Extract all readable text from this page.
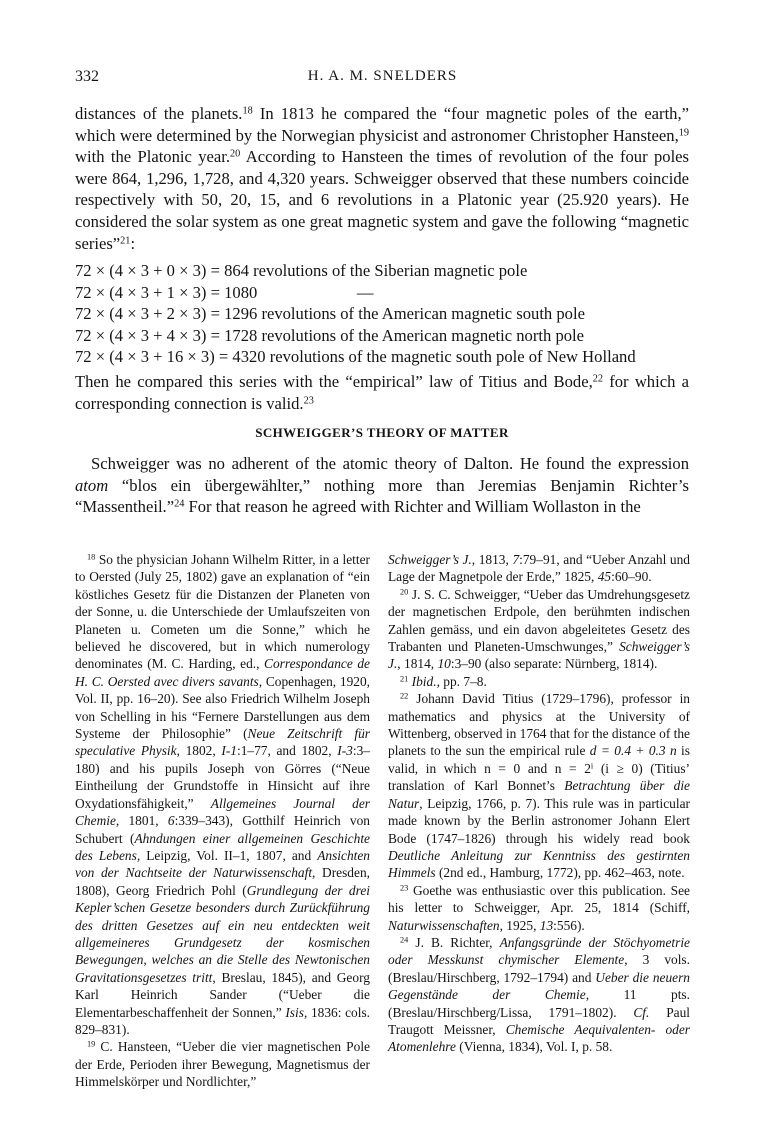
332	H. A. M. SNELDERS
distances of the planets.$^{18}$ In 1813 he compared the “four magnetic poles of the earth,” which were determined by the Norwegian physicist and astronomer Christopher Hansteen,$^{19}$ with the Platonic year.$^{20}$ According to Hansteen the times of revolution of the four poles were 864, 1,296, 1,728, and 4,320 years. Schweigger observed that these numbers coincide respectively with 50, 20, 15, and 6 revolutions in a Platonic year (25.920 years). He considered the solar system as one great magnetic system and gave the following “magnetic series”$^{21}$:
72 × (4 × 3 + 0 × 3) = 864 revolutions of the Siberian magnetic pole
72 × (4 × 3 + 1 × 3) = 1080                        —
72 × (4 × 3 + 2 × 3) = 1296 revolutions of the American magnetic south pole
72 × (4 × 3 + 4 × 3) = 1728 revolutions of the American magnetic north pole
72 × (4 × 3 + 16 × 3) = 4320 revolutions of the magnetic south pole of New Holland
Then he compared this series with the “empirical” law of Titius and Bode,$^{22}$ for which a corresponding connection is valid.$^{23}$
SCHWEIGGER’S THEORY OF MATTER
Schweigger was no adherent of the atomic theory of Dalton. He found the expression atom “blos ein übergewählter,” nothing more than Jeremias Benjamin Richter’s “Massentheil.”$^{24}$ For that reason he agreed with Richter and William Wollaston in the

$^{18}$ So the physician Johann Wilhelm Ritter, in a letter to Oersted (July 25, 1802) gave an explanation of “ein köstliches Gesetz für die Distanzen der Planeten von der Sonne, u. die Unterschiede der Umlaufszeiten von Planeten u. Cometen um die Sonne,” which he believed he discovered, but in which numerology denominates (M. C. Harding, ed., Correspondance de H. C. Oersted avec divers savants, Copenhagen, 1920, Vol. II, pp. 16–20). See also Friedrich Wilhelm Joseph von Schelling in his “Fernere Darstellungen aus dem Systeme der Philosophie” (Neue Zeitschrift für speculative Physik, 1802, I-1:1–77, and 1802, I-3:3–180) and his pupils Joseph von Görres (“Neue Eintheilung der Grundstoffe in Hinsicht auf ihre Oxydationsfähigkeit,” Allgemeines Journal der Chemie, 1801, 6:339–343), Gotthilf Heinrich von Schubert (Ahndungen einer allgemeinen Geschichte des Lebens, Leipzig, Vol. II–1, 1807, and Ansichten von der Nachtseite der Naturwissenschaft, Dresden, 1808), Georg Friedrich Pohl (Grundlegung der drei Kepler’schen Gesetze besonders durch Zurückführung des dritten Gesetzes auf ein neu entdeckten weit allgemeineres Grundgesetz der kosmischen Bewegungen, welches an die Stelle des Newtonischen Gravitationsgesetzes tritt, Breslau, 1845), and Georg Karl Heinrich Sander (“Ueber die Elementarbeschaffenheit der Sonnen,” Isis, 1836: cols. 829–831).

$^{19}$ C. Hansteen, “Ueber die vier magnetischen Pole der Erde, Perioden ihrer Bewegung, Magnetismus der Himmelskörper und Nordlichter,”

Schweigger’s J., 1813, 7:79–91, and “Ueber Anzahl und Lage der Magnetpole der Erde,” 1825, 45:60–90.

$^{20}$ J. S. C. Schweigger, “Ueber das Umdrehungsgesetz der magnetischen Erdpole, den berühmten indischen Zahlen gemäss, und ein davon abgeleitetes Gesetz des Trabanten und Planeten-Umschwunges,” Schweigger’s J., 1814, 10:3–90 (also separate: Nürnberg, 1814).

$^{21}$ Ibid., pp. 7–8.

$^{22}$ Johann David Titius (1729–1796), professor in mathematics and physics at the University of Wittenberg, observed in 1764 that for the distance of the planets to the sun the empirical rule d = 0.4 + 0.3 n is valid, in which n = 0 and $n = 2^i$ (i ≥ 0) (Titius’ translation of Karl Bonnet’s Betrachtung über die Natur, Leipzig, 1766, p. 7). This rule was in particular made known by the Berlin astronomer Johann Elert Bode (1747–1826) through his widely read book Deutliche Anleitung zur Kenntniss des gestirnten Himmels (2nd ed., Hamburg, 1772), pp. 462–463, note.

$^{23}$ Goethe was enthusiastic over this publication. See his letter to Schweigger, Apr. 25, 1814 (Schiff, Naturwissenschaften, 1925, 13:556).

$^{24}$ J. B. Richter, Anfangsgründe der Stöchyometrie oder Messkunst chymischer Elemente, 3 vols. (Breslau/Hirschberg, 1792–1794) and Ueber die neuern Gegenstände der Chemie, 11 pts. (Breslau/Hirschberg/Lissa, 1791–1802). Cf. Paul Traugott Meissner, Chemische Aequivalenten- oder Atomenlehre (Vienna, 1834), Vol. I, p. 58.
